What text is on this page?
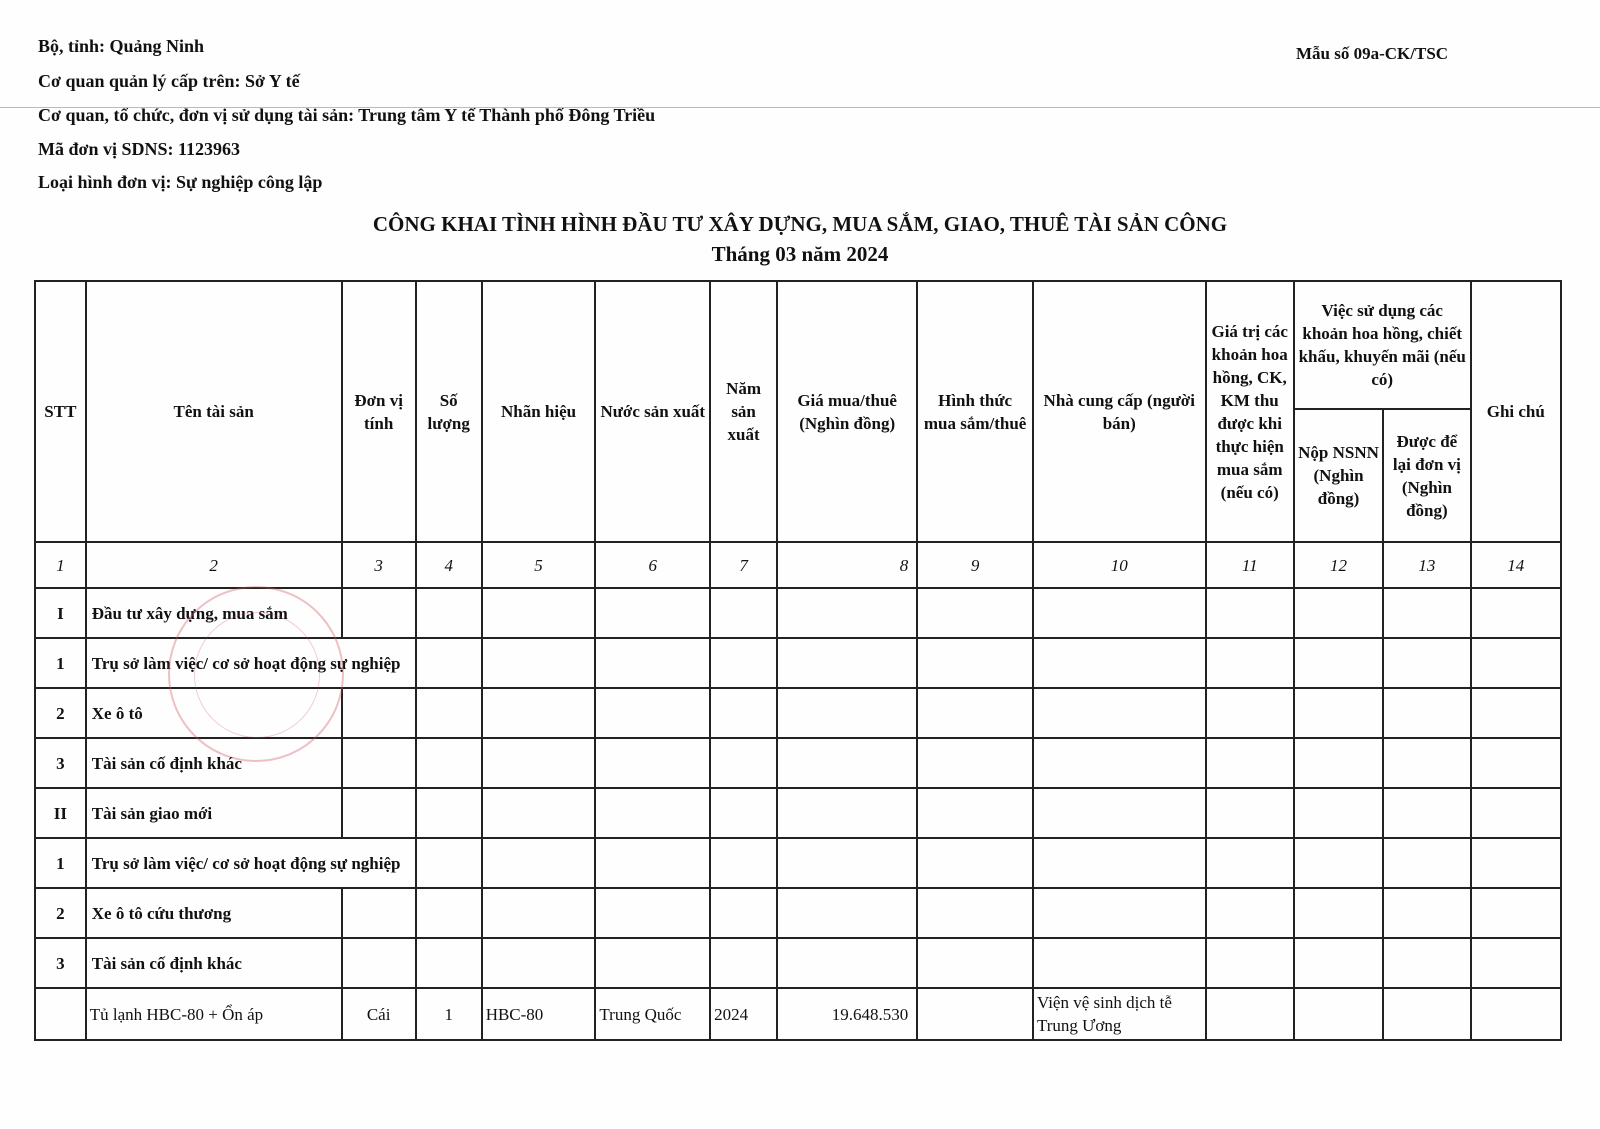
Bộ, tỉnh: Quảng Ninh
Cơ quan quản lý cấp trên: Sở Y tế
Cơ quan, tổ chức, đơn vị sử dụng tài sản: Trung tâm Y tế Thành phố Đông Triều
Mã đơn vị SDNS: 1123963
Loại hình đơn vị: Sự nghiệp công lập
Mẫu số 09a-CK/TSC
CÔNG KHAI TÌNH HÌNH ĐẦU TƯ XÂY DỰNG, MUA SẮM, GIAO, THUÊ TÀI SẢN CÔNG
Tháng 03 năm 2024
STT	Tên tài sản	Đơn vị tính	Số lượng	Nhãn hiệu	Nước sản xuất	Năm sản xuất	Giá mua/thuê (Nghìn đồng)	Hình thức mua sắm/thuê	Nhà cung cấp (người bán)	Giá trị các khoản hoa hồng, CK, KM thu được khi thực hiện mua sắm (nếu có)	Việc sử dụng các khoản hoa hồng, chiết khấu, khuyến mãi (nếu có)		Ghi chú
											Nộp NSNN (Nghìn đồng)	Được để lại đơn vị (Nghìn đồng)	
1	2	3	4	5	6	7	8	9	10	11	12	13	14
I	Đầu tư xây dựng, mua sắm												
1	Trụ sở làm việc/ cơ sở hoạt động sự nghiệp												
2	Xe ô tô												
3	Tài sản cố định khác												
II	Tài sản giao mới												
1	Trụ sở làm việc/ cơ sở hoạt động sự nghiệp												
2	Xe ô tô cứu thương												
3	Tài sản cố định khác												
	Tủ lạnh HBC-80 + Ổn áp	Cái	1	HBC-80	Trung Quốc	2024	19.648.530		Viện vệ sinh dịch tễ Trung Ương				
